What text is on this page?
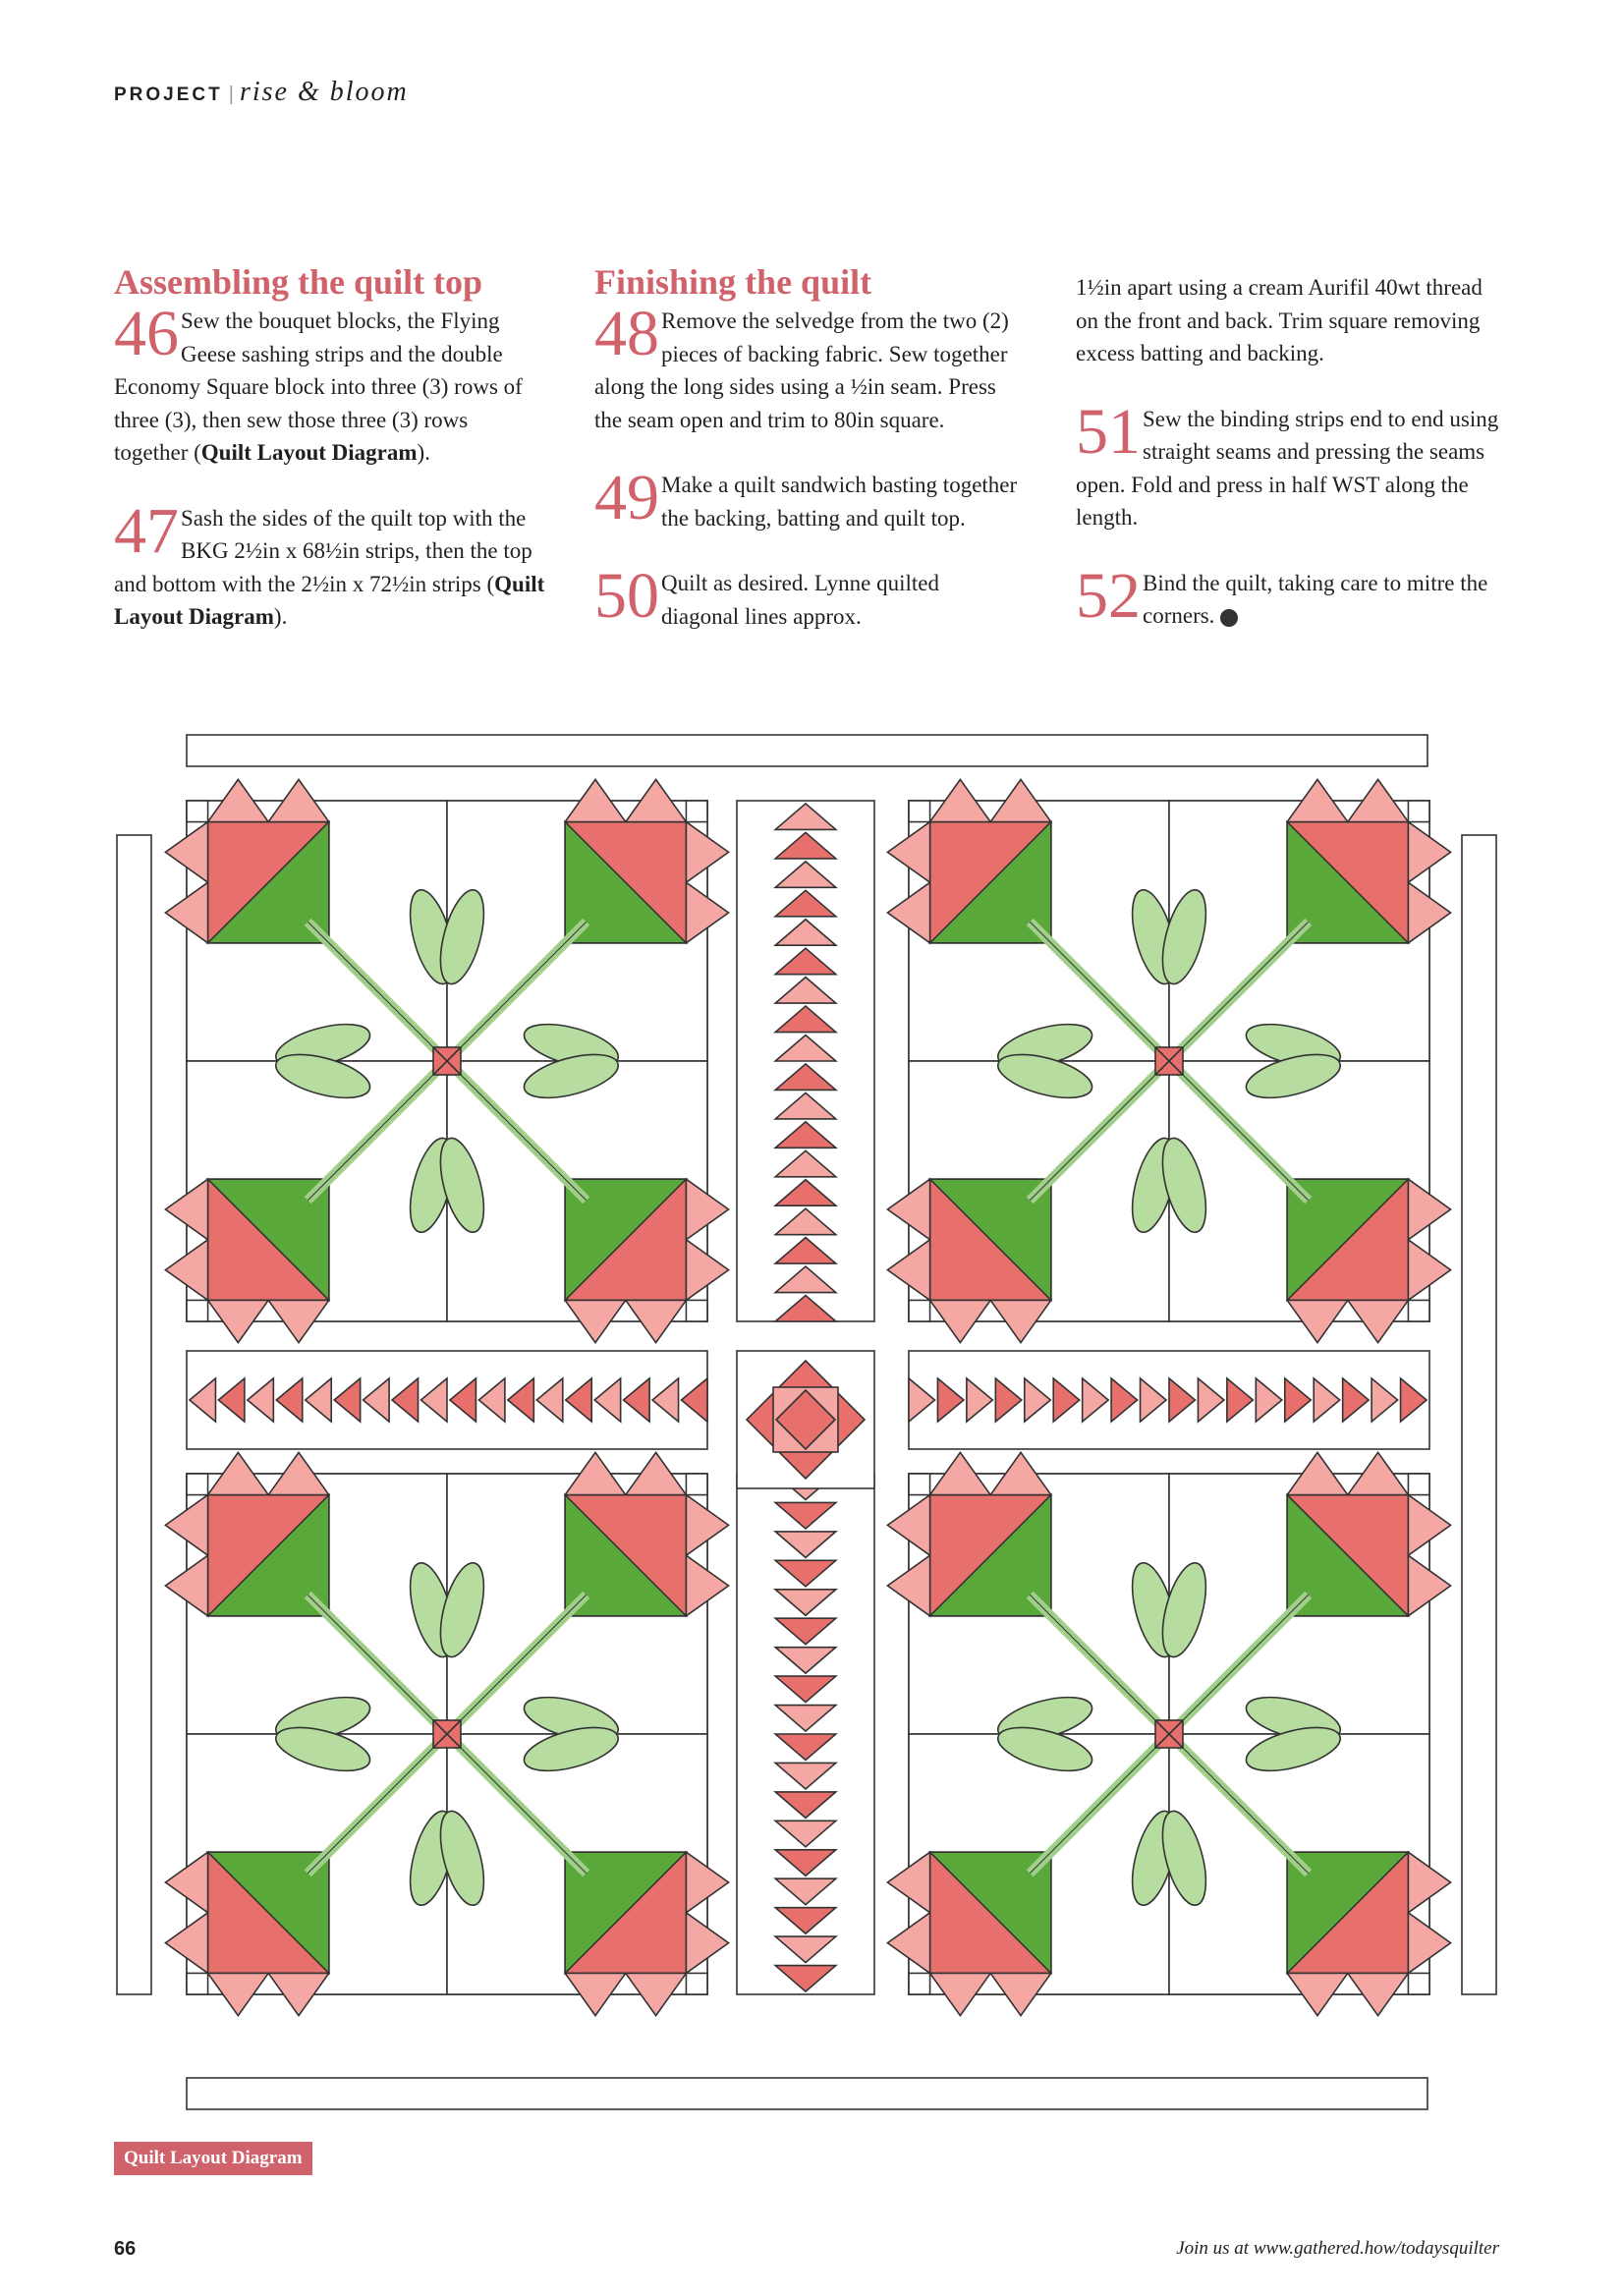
PROJECT | rise & bloom
Assembling the quilt top
46 Sew the bouquet blocks, the Flying Geese sashing strips and the double Economy Square block into three (3) rows of three (3), then sew those three (3) rows together (Quilt Layout Diagram).
47 Sash the sides of the quilt top with the BKG 2½in x 68½in strips, then the top and bottom with the 2½in x 72½in strips (Quilt Layout Diagram).
Finishing the quilt
48 Remove the selvedge from the two (2) pieces of backing fabric. Sew together along the long sides using a ½in seam. Press the seam open and trim to 80in square.
49 Make a quilt sandwich basting together the backing, batting and quilt top.
50 Quilt as desired. Lynne quilted diagonal lines approx.
1½in apart using a cream Aurifil 40wt thread on the front and back. Trim square removing excess batting and backing.
51 Sew the binding strips end to end using straight seams and pressing the seams open. Fold and press in half WST along the length.
52 Bind the quilt, taking care to mitre the corners.
Quilt Layout Diagram
66	Join us at www.gathered.how/todaysquilter
